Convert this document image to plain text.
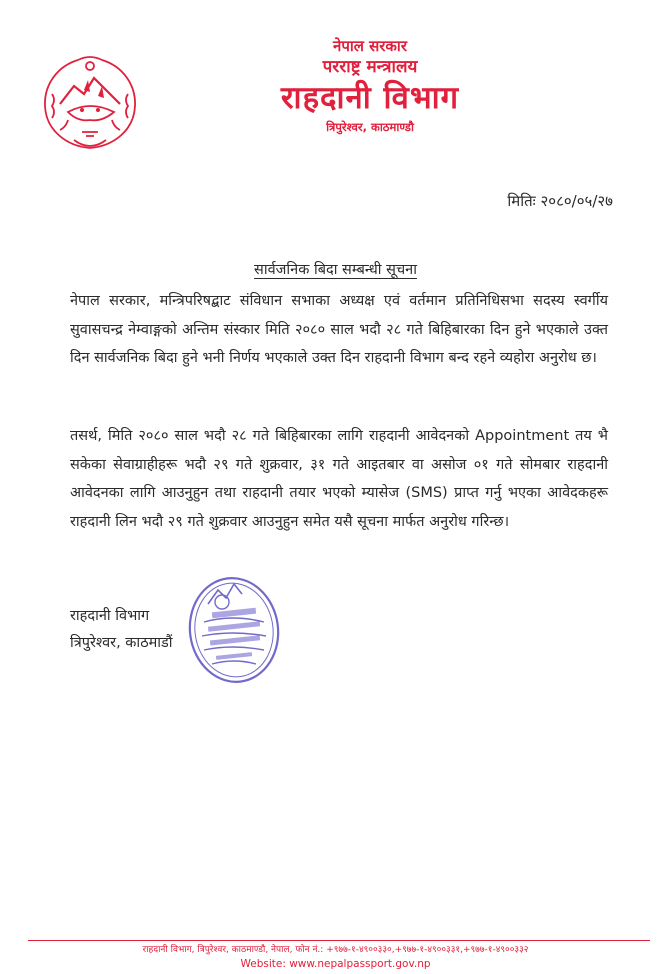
नेपाल सरकार
परराष्ट्र मन्त्रालय
राहदानी विभाग
त्रिपुरेश्वर, काठमाण्डौ
मितिः २०८०/०५/२७
सार्वजनिक बिदा सम्बन्धी सूचना
नेपाल सरकार, मन्त्रिपरिषद्बाट संविधान सभाका अध्यक्ष एवं वर्तमान प्रतिनिधिसभा सदस्य स्वर्गीय सुवासचन्द्र नेम्वाङ्गको अन्तिम संस्कार मिति २०८० साल भदौ २८ गते बिहिबारका दिन हुने भएकाले उक्त दिन सार्वजनिक बिदा हुने भनी निर्णय भएकाले उक्त दिन राहदानी विभाग बन्द रहने व्यहोरा अनुरोध छ।
तसर्थ, मिति २०८० साल भदौ २८ गते बिहिबारका लागि राहदानी आवेदनको Appointment तय भै सकेका सेवाग्राहीहरू भदौ २९ गते शुक्रवार, ३१ गते आइतबार वा असोज ०१ गते सोमबार राहदानी आवेदनका लागि आउनुहुन तथा राहदानी तयार भएको म्यासेज (SMS) प्राप्त गर्नु भएका आवेदकहरू राहदानी लिन भदौ २९ गते शुक्रवार आउनुहुन समेत यसै सूचना मार्फत अनुरोध गरिन्छ।
राहदानी विभाग
त्रिपुरेश्वर, काठमाडौं
राहदानी विभाग, त्रिपुरेश्वर, काठमाण्डौ, नेपाल, फोन नं.: +९७७-१-४९००३३०,+९७७-१-४९००३३१,+९७७-१-४९००३३२
Website: www.nepalpassport.gov.np
